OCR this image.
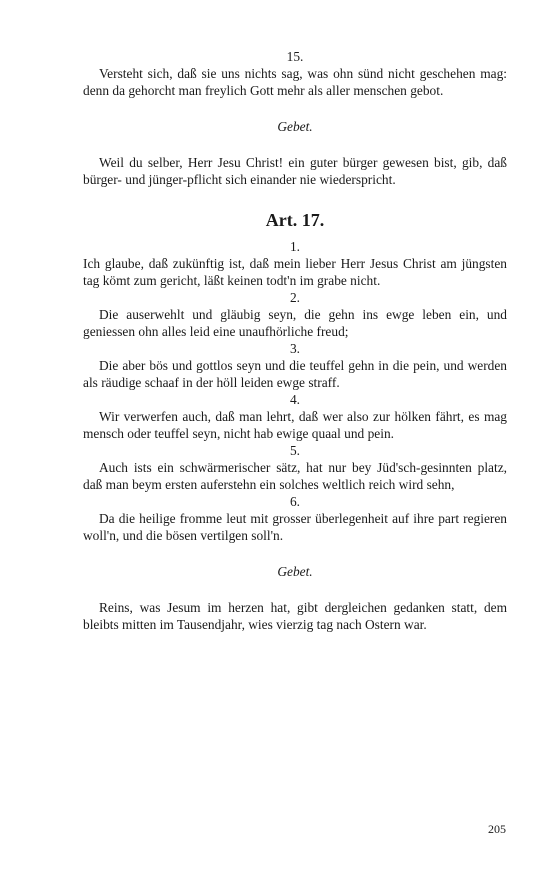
15.

Versteht sich, daß sie uns nichts sag, was ohn sünd nicht geschehen mag: denn da gehorcht man freylich Gott mehr als aller menschen gebot.

Gebet.

Weil du selber, Herr Jesu Christ! ein guter bürger gewesen bist, gib, daß bürger- und jünger-pflicht sich einander nie wiederspricht.

Art. 17.

1.

Ich glaube, daß zukünftig ist, daß mein lieber Herr Jesus Christ am jüngsten tag kömt zum gericht, läßt keinen todt'n im grabe nicht.

2.

Die auserwehlt und gläubig seyn, die gehn ins ewge leben ein, und geniessen ohn alles leid eine unaufhörliche freud;

3.

Die aber bös und gottlos seyn und die teuffel gehn in die pein, und werden als räudige schaaf in der höll leiden ewge straff.

4.

Wir verwerfen auch, daß man lehrt, daß wer also zur hölken fährt, es mag mensch oder teuffel seyn, nicht hab ewige quaal und pein.

5.

Auch ists ein schwärmerischer sätz, hat nur bey Jüd'sch-gesinnten platz, daß man beym ersten auferstehn ein solches weltlich reich wird sehn,

6.

Da die heilige fromme leut mit grosser überlegenheit auf ihre part regieren woll'n, und die bösen vertilgen soll'n.

Gebet.

Reins, was Jesum im herzen hat, gibt dergleichen gedanken statt, dem bleibts mitten im Tausendjahr, wies vierzig tag nach Ostern war.

205
